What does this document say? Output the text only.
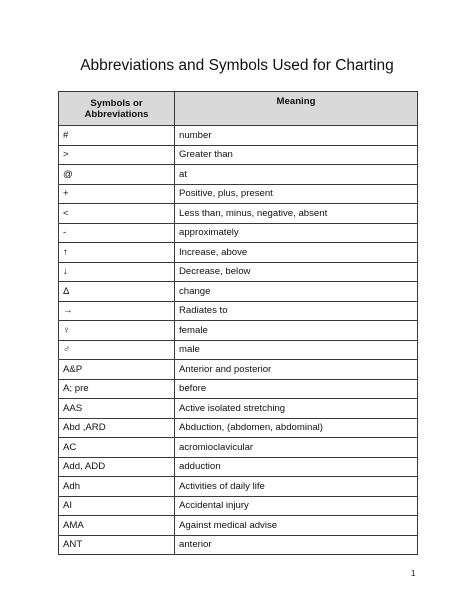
Abbreviations and Symbols Used for Charting
Symbols or
Abbreviations	Meaning
#	number
>	Greater than
@	at
+	Positive, plus, present
<	Less than, minus, negative, absent
-	approximately
↑	Increase, above
↓	Decrease, below
Δ	change
→	Radiates to
♀	female
♂	male
A&P	Anterior and posterior
A; pre	before
AAS	Active isolated stretching
Abd ,ARD	Abduction, (abdomen, abdominal)
AC	acromioclavicular
Add, ADD	adduction
Adh	Activities of daily life
AI	Accidental injury
AMA	Against medical advise
ANT	anterior
1
